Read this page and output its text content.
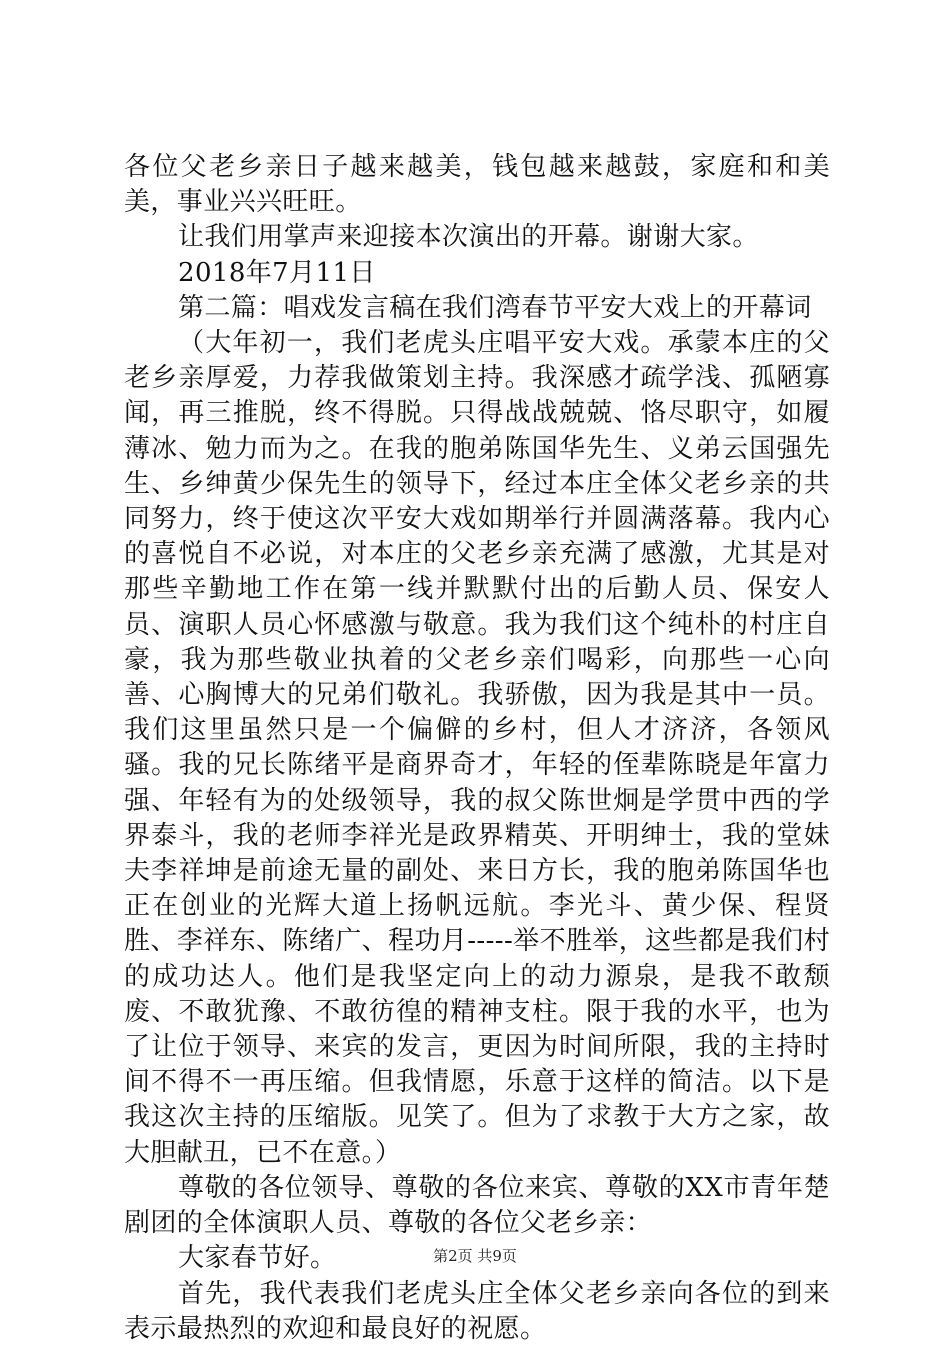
各位父老乡亲日子越来越美，钱包越来越鼓，家庭和和美美，事业兴兴旺旺。

让我们用掌声来迎接本次演出的开幕。谢谢大家。

2018年7月11日

第二篇：唱戏发言稿在我们湾春节平安大戏上的开幕词

（大年初一，我们老虎头庄唱平安大戏。承蒙本庄的父老乡亲厚爱，力荐我做策划主持。我深感才疏学浅、孤陋寡闻，再三推脱，终不得脱。只得战战兢兢、恪尽职守，如履薄冰、勉力而为之。在我的胞弟陈国华先生、义弟云国强先生、乡绅黄少保先生的领导下，经过本庄全体父老乡亲的共同努力，终于使这次平安大戏如期举行并圆满落幕。我内心的喜悦自不必说，对本庄的父老乡亲充满了感激，尤其是对那些辛勤地工作在第一线并默默付出的后勤人员、保安人员、演职人员心怀感激与敬意。我为我们这个纯朴的村庄自豪，我为那些敬业执着的父老乡亲们喝彩，向那些一心向善、心胸博大的兄弟们敬礼。我骄傲，因为我是其中一员。我们这里虽然只是一个偏僻的乡村，但人才济济，各领风骚。我的兄长陈绪平是商界奇才，年轻的侄辈陈晓是年富力强、年轻有为的处级领导，我的叔父陈世炯是学贯中西的学界泰斗，我的老师李祥光是政界精英、开明绅士，我的堂妹夫李祥坤是前途无量的副处、来日方长，我的胞弟陈国华也正在创业的光辉大道上扬帆远航。李光斗、黄少保、程贤胜、李祥东、陈绪广、程功月-----举不胜举，这些都是我们村的成功达人。他们是我坚定向上的动力源泉，是我不敢颓废、不敢犹豫、不敢彷徨的精神支柱。限于我的水平，也为了让位于领导、来宾的发言，更因为时间所限，我的主持时间不得不一再压缩。但我情愿，乐意于这样的简洁。以下是我这次主持的压缩版。见笑了。但为了求教于大方之家，故大胆献丑，已不在意。）

尊敬的各位领导、尊敬的各位来宾、尊敬的XX市青年楚剧团的全体演职人员、尊敬的各位父老乡亲：

大家春节好。

首先，我代表我们老虎头庄全体父老乡亲向各位的到来表示最热烈的欢迎和最良好的祝愿。

第2页 共9页
